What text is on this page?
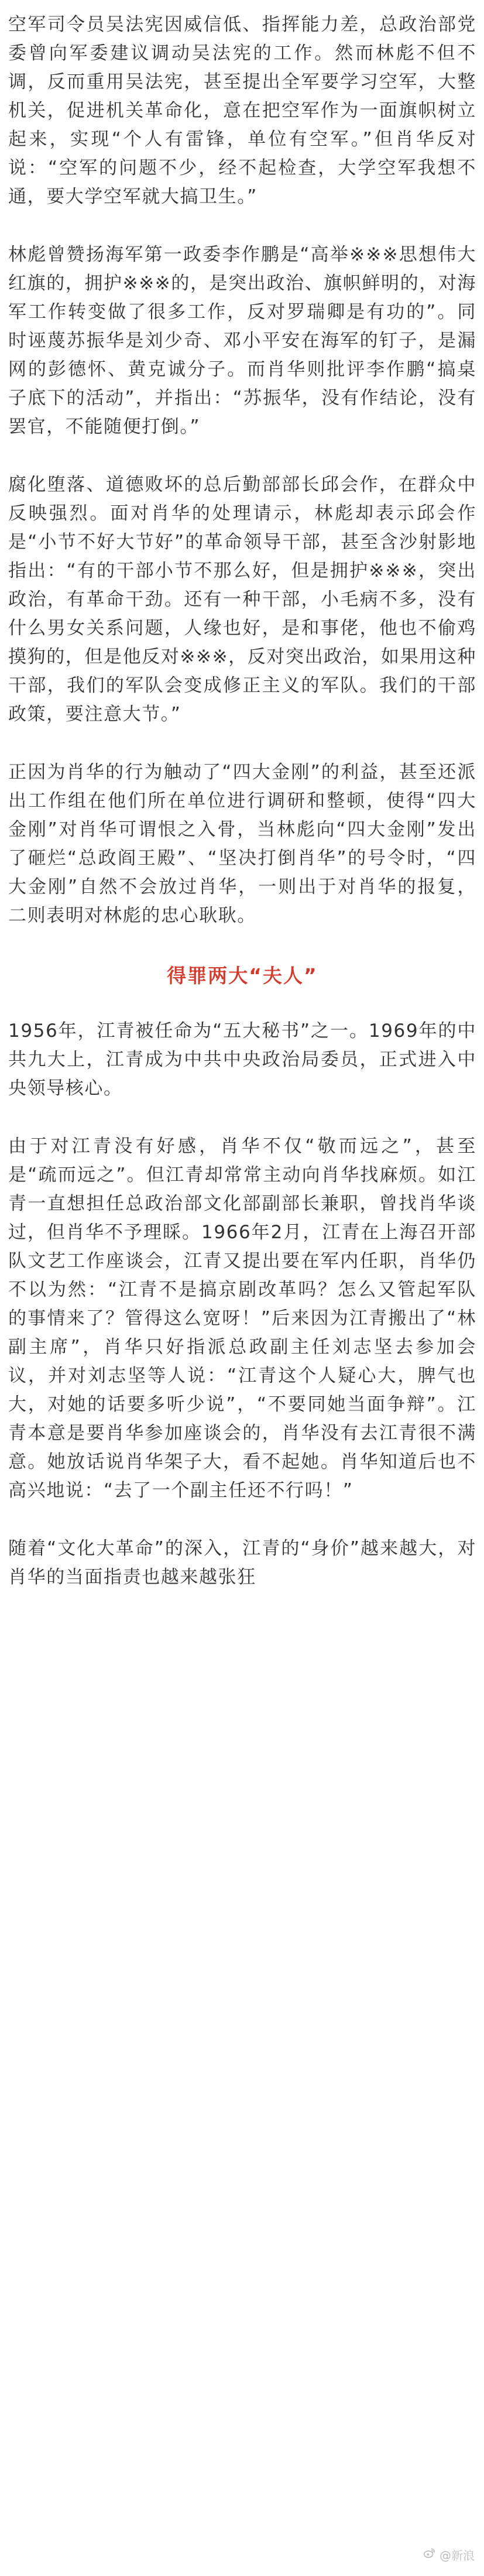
空军司令员吴法宪因威信低、指挥能力差，总政治部党委曾向军委建议调动吴法宪的工作。然而林彪不但不调，反而重用吴法宪，甚至提出全军要学习空军，大整机关，促进机关革命化，意在把空军作为一面旗帜树立起来，实现“个人有雷锋，单位有空军。”但肖华反对说：“空军的问题不少，经不起检查，大学空军我想不通，要大学空军就大搞卫生。”

林彪曾赞扬海军第一政委李作鹏是“高举※※※思想伟大红旗的，拥护※※※的，是突出政治、旗帜鲜明的，对海军工作转变做了很多工作，反对罗瑞卿是有功的”。同时诬蔑苏振华是刘少奇、邓小平安在海军的钉子，是漏网的彭德怀、黄克诚分子。而肖华则批评李作鹏“搞桌子底下的活动”，并指出：“苏振华，没有作结论，没有罢官，不能随便打倒。”

腐化堕落、道德败坏的总后勤部部长邱会作，在群众中反映强烈。面对肖华的处理请示，林彪却表示邱会作是“小节不好大节好”的革命领导干部，甚至含沙射影地指出：“有的干部小节不那么好，但是拥护※※※，突出政治，有革命干劲。还有一种干部，小毛病不多，没有什么男女关系问题，人缘也好，是和事佬，他也不偷鸡摸狗的，但是他反对※※※，反对突出政治，如果用这种干部，我们的军队会变成修正主义的军队。我们的干部政策，要注意大节。”

正因为肖华的行为触动了“四大金刚”的利益，甚至还派出工作组在他们所在单位进行调研和整顿，使得“四大金刚”对肖华可谓恨之入骨，当林彪向“四大金刚”发出了砸烂“总政阎王殿”、“坚决打倒肖华”的号令时，“四大金刚”自然不会放过肖华，一则出于对肖华的报复，二则表明对林彪的忠心耿耿。

得罪两大“夫人”

1956年，江青被任命为“五大秘书”之一。1969年的中共九大上，江青成为中共中央政治局委员，正式进入中央领导核心。

由于对江青没有好感，肖华不仅“敬而远之”，甚至是“疏而远之”。但江青却常常主动向肖华找麻烦。如江青一直想担任总政治部文化部副部长兼职，曾找肖华谈过，但肖华不予理睬。1966年2月，江青在上海召开部队文艺工作座谈会，江青又提出要在军内任职，肖华仍不以为然：“江青不是搞京剧改革吗？怎么又管起军队的事情来了？管得这么宽呀！”后来因为江青搬出了“林副主席”，肖华只好指派总政副主任刘志坚去参加会议，并对刘志坚等人说：“江青这个人疑心大，脾气也大，对她的话要多听少说”，“不要同她当面争辩”。江青本意是要肖华参加座谈会的，肖华没有去江青很不满意。她放话说肖华架子大，看不起她。肖华知道后也不高兴地说：“去了一个副主任还不行吗！”

随着“文化大革命”的深入，江青的“身价”越来越大，对肖华的当面指责也越来越张狂

@新浪
